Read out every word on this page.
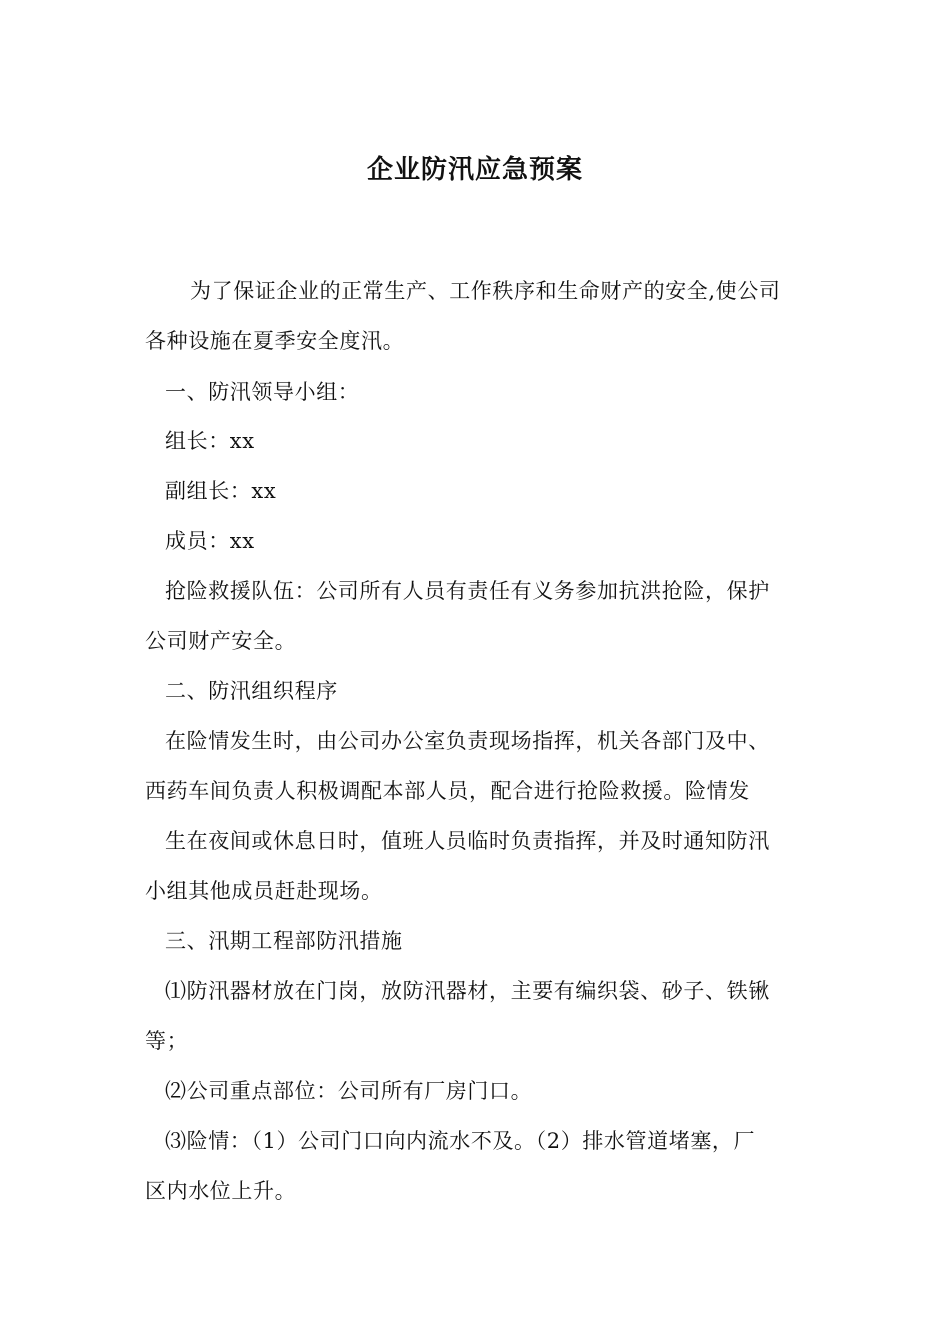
企业防汛应急预案
为了保证企业的正常生产、工作秩序和生命财产的安全,使公司
各种设施在夏季安全度汛。
一、防汛领导小组：
组长：xx
副组长：xx
成员：xx
抢险救援队伍：公司所有人员有责任有义务参加抗洪抢险，保护
公司财产安全。
二、防汛组织程序
在险情发生时，由公司办公室负责现场指挥，机关各部门及中、
西药车间负责人积极调配本部人员，配合进行抢险救援。险情发
生在夜间或休息日时，值班人员临时负责指挥，并及时通知防汛
小组其他成员赶赴现场。
三、汛期工程部防汛措施
⑴防汛器材放在门岗，放防汛器材，主要有编织袋、砂子、铁锹
等；
⑵公司重点部位：公司所有厂房门口。
⑶险情：（1）公司门口向内流水不及。（2）排水管道堵塞，厂
区内水位上升。
